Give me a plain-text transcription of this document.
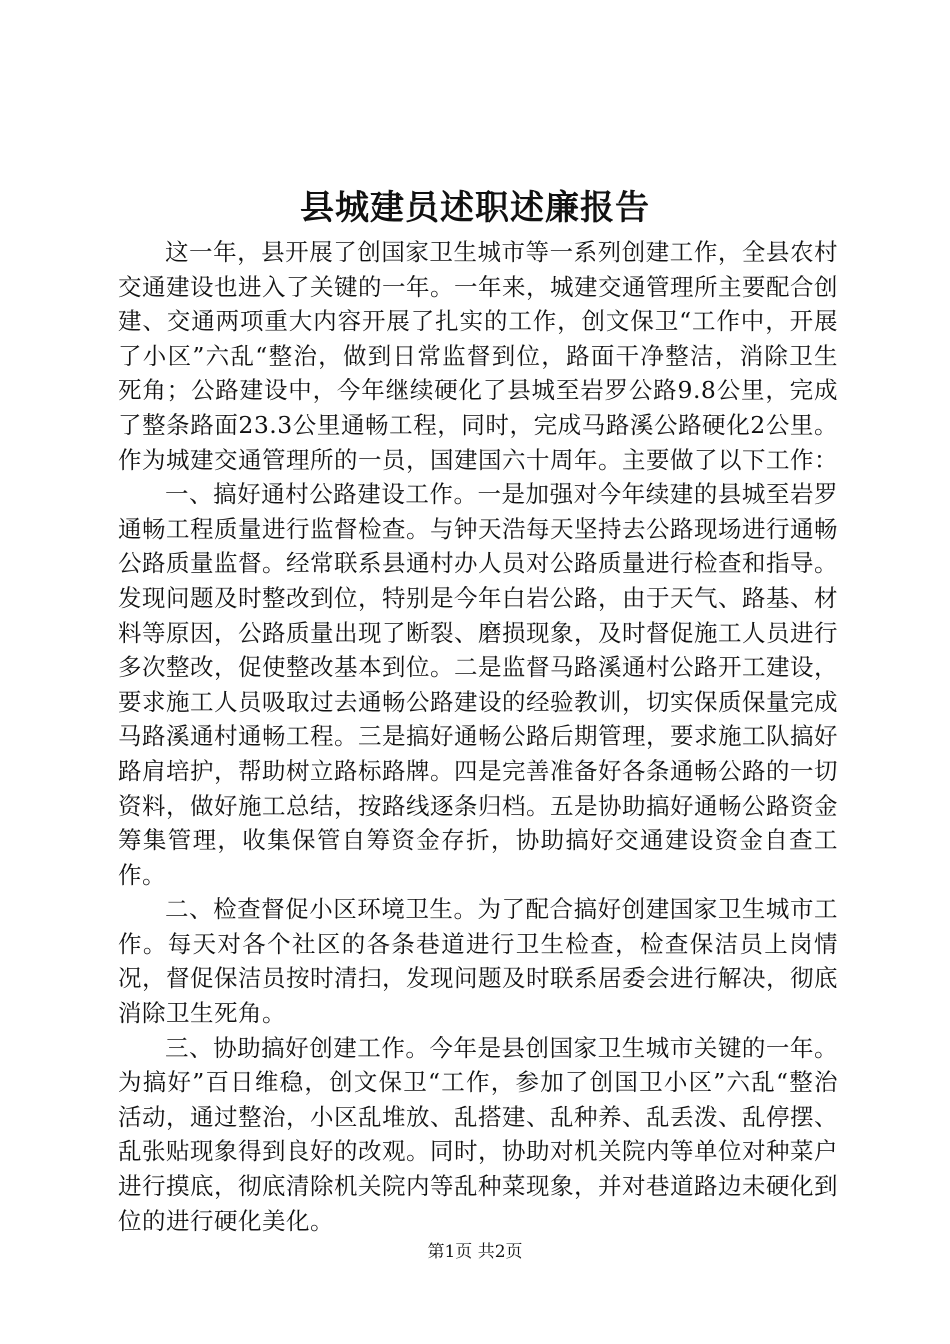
县城建员述职述廉报告

这一年，县开展了创国家卫生城市等一系列创建工作，全县农村交通建设也进入了关键的一年。一年来，城建交通管理所主要配合创建、交通两项重大内容开展了扎实的工作，创文保卫“工作中，开展了小区”六乱“整治，做到日常监督到位，路面干净整洁，消除卫生死角；公路建设中，今年继续硬化了县城至岩罗公路9.8公里，完成了整条路面23.3公里通畅工程，同时，完成马路溪公路硬化2公里。作为城建交通管理所的一员，国建国六十周年。主要做了以下工作：

一、搞好通村公路建设工作。一是加强对今年续建的县城至岩罗通畅工程质量进行监督检查。与钟天浩每天坚持去公路现场进行通畅公路质量监督。经常联系县通村办人员对公路质量进行检查和指导。发现问题及时整改到位，特别是今年白岩公路，由于天气、路基、材料等原因，公路质量出现了断裂、磨损现象，及时督促施工人员进行多次整改，促使整改基本到位。二是监督马路溪通村公路开工建设，要求施工人员吸取过去通畅公路建设的经验教训，切实保质保量完成马路溪通村通畅工程。三是搞好通畅公路后期管理，要求施工队搞好路肩培护，帮助树立路标路牌。四是完善准备好各条通畅公路的一切资料，做好施工总结，按路线逐条归档。五是协助搞好通畅公路资金筹集管理，收集保管自筹资金存折，协助搞好交通建设资金自查工作。

二、检查督促小区环境卫生。为了配合搞好创建国家卫生城市工作。每天对各个社区的各条巷道进行卫生检查，检查保洁员上岗情况，督促保洁员按时清扫，发现问题及时联系居委会进行解决，彻底消除卫生死角。

三、协助搞好创建工作。今年是县创国家卫生城市关键的一年。为搞好”百日维稳，创文保卫“工作，参加了创国卫小区”六乱“整治活动，通过整治，小区乱堆放、乱搭建、乱种养、乱丢泼、乱停摆、乱张贴现象得到良好的改观。同时，协助对机关院内等单位对种菜户进行摸底，彻底清除机关院内等乱种菜现象，并对巷道路边未硬化到位的进行硬化美化。

第1页 共2页
